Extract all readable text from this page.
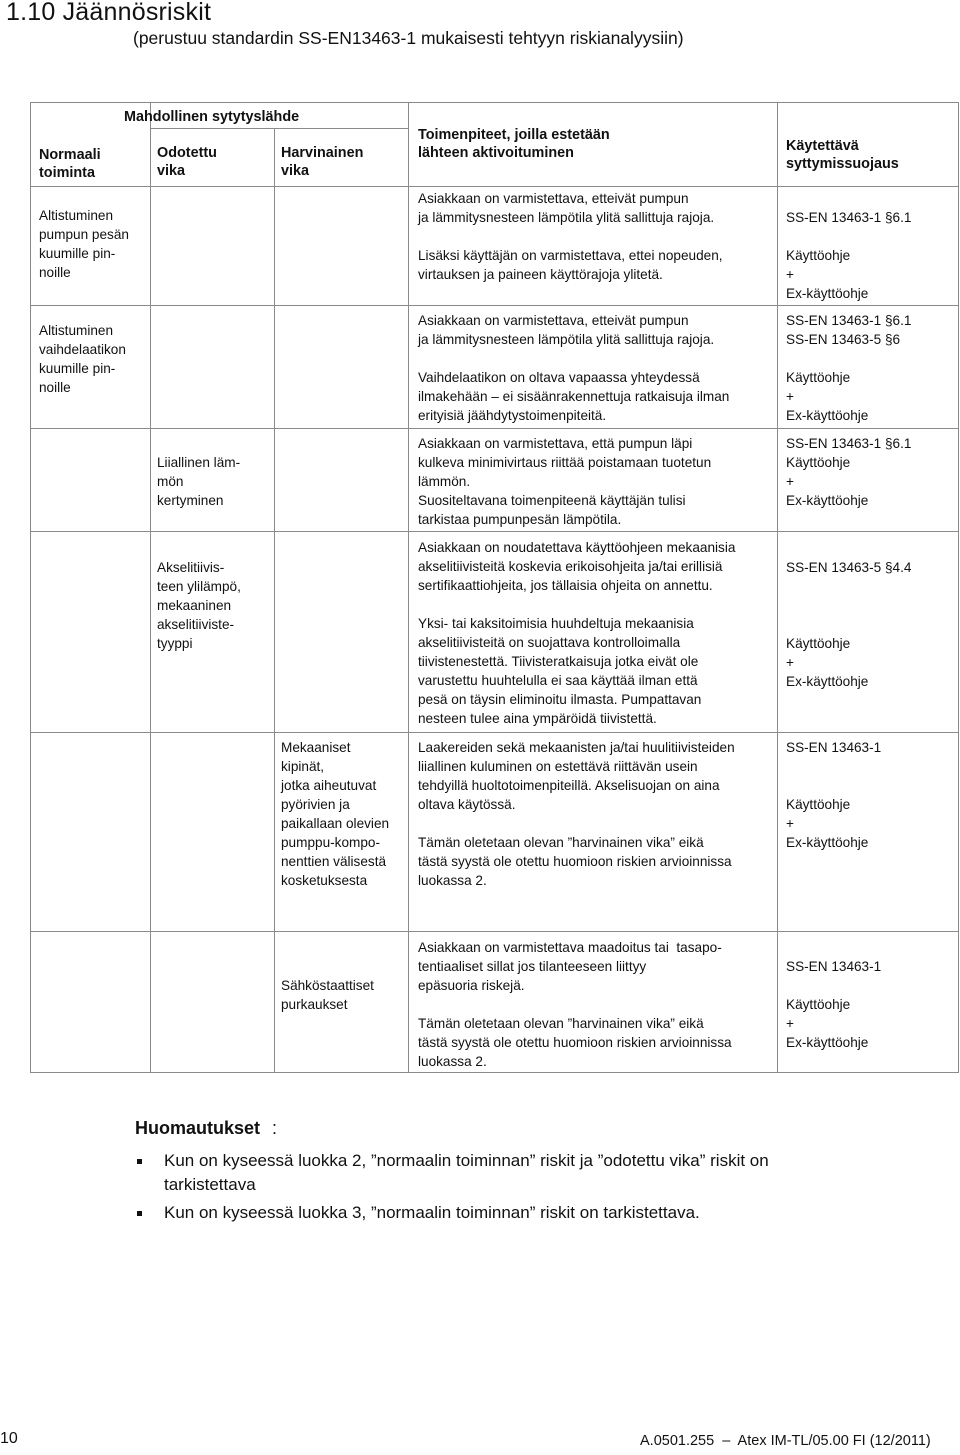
1.10 Jäännösriskit
(perustuu standardin SS-EN13463-1 mukaisesti tehtyyn riskianalyysiin)
Normaali
toiminta
Mahdollinen sytytyslähde
Odotettu
vika
Harvinainen
vika
Toimenpiteet, joilla estetään
lähteen aktivoituminen	Käytettävä
syttymissuojaus
Altistuminen
pumpun pesän
kuumille pin-
noille
Asiakkaan on varmistettava, etteivät pumpun
ja lämmitysnesteen lämpötila ylitä sallittuja rajoja.

Lisäksi käyttäjän on varmistettava, ettei nopeuden,
virtauksen ja paineen käyttörajoja ylitetä.
SS-EN 13463-1 §6.1

Käyttöohje
+
Ex-käyttöohje
Altistuminen
vaihdelaatikon
kuumille pin-
noille
Asiakkaan on varmistettava, etteivät pumpun
ja lämmitysnesteen lämpötila ylitä sallittuja rajoja.

Vaihdelaatikon on oltava vapaassa yhteydessä
ilmakehään – ei sisäänrakennettuja ratkaisuja ilman
erityisiä jäähdytystoimenpiteitä.
SS-EN 13463-1 §6.1
SS-EN 13463-5 §6

Käyttöohje
+
Ex-käyttöohje
Liiallinen läm-
mön
kertyminen
Asiakkaan on varmistettava, että pumpun läpi
kulkeva minimivirtaus riittää poistamaan tuotetun
lämmön.
Suositeltavana toimenpiteenä käyttäjän tulisi
tarkistaa pumpunpesän lämpötila.
SS-EN 13463-1 §6.1
Käyttöohje
+
Ex-käyttöohje
Akselitiivis-
teen ylilämpö,
mekaaninen
akselitiiviste-
tyyppi
Asiakkaan on noudatettava käyttöohjeen mekaanisia
akselitiivisteitä koskevia erikoisohjeita ja/tai erillisiä
sertifikaattiohjeita, jos tällaisia ohjeita on annettu.

Yksi- tai kaksitoimisia huuhdeltuja mekaanisia
akselitiivisteitä on suojattava kontrolloimalla
tiivistenestettä. Tiivisteratkaisuja jotka eivät ole
varustettu huuhtelulla ei saa käyttää ilman että
pesä on täysin eliminoitu ilmasta. Pumpattavan
nesteen tulee aina ympäröidä tiivistettä.
SS-EN 13463-5 §4.4

Käyttöohje
+
Ex-käyttöohje
Mekaaniset
kipinät,
jotka aiheutuvat
pyörivien ja
paikallaan olevien
pumppu-kompo-
nenttien välisestä
kosketuksesta
Laakereiden sekä mekaanisten ja/tai huulitiivisteiden
liiallinen kuluminen on estettävä riittävän usein
tehdyillä huoltotoimenpiteillä. Akselisuojan on aina
oltava käytössä.

Tämän oletetaan olevan ”harvinainen vika” eikä
tästä syystä ole otettu huomioon riskien arvioinnissa
luokassa 2.
SS-EN 13463-1

Käyttöohje
+
Ex-käyttöohje
Sähköstaattiset
purkaukset
Asiakkaan on varmistettava maadoitus tai  tasapo-
tentiaaliset sillat jos tilanteeseen liittyy
epäsuoria riskejä.

Tämän oletetaan olevan ”harvinainen vika” eikä
tästä syystä ole otettu huomioon riskien arvioinnissa
luokassa 2.
SS-EN 13463-1

Käyttöohje
+
Ex-käyttöohje
Huomautukset :
Kun on kyseessä luokka 2, ”normaalin toiminnan” riskit ja ”odotettu vika” riskit on
tarkistettava
Kun on kyseessä luokka 3, ”normaalin toiminnan” riskit on tarkistettava.
10	A.0501.255  –  Atex IM-TL/05.00 FI (12/2011)
